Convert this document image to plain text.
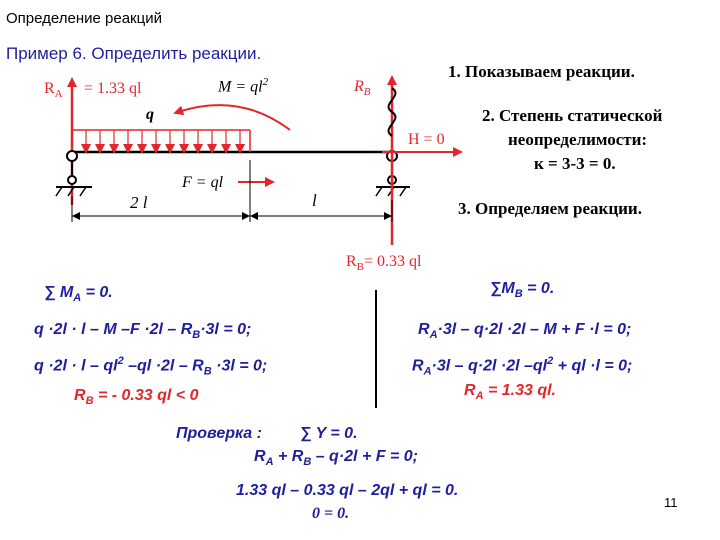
Определение реакций
Пример 6. Определить реакции.
$R_A = 1.33$ ql	$M = ql^2$	$R_B$
q
H = 0
F = ql
2 l	l
$R_B= 0.33$ ql
1. Показываем реакции.
2. Степень статической
неопределимости:
к = 3-3 = 0.
3. Определяем реакции.
∑ $M_A = 0$.
q ·2l · l – M $-F \cdot 2l - R_B\cdot 3l = 0$;
$q \cdot 2l \cdot l - ql^2$ $-ql \cdot 2l - R_B \cdot 3l = 0$;
$R_B$ = - 0.33 ql < 0
$\sum M_B = 0$.
$R_A\cdot 3l - q\cdot 2l \cdot 2l - M + F \cdot l = 0$;
$R_A\cdot 3l - q\cdot 2l \cdot 2l$ $-ql^2$ + ql ·l = 0;
$R_A = 1.33$ ql.
Проверка : ∑ Y = 0.
$R_A + R_B - q\cdot 2l + F = 0$;
1.33 ql – 0.33 ql – 2ql + ql = 0.
0 = 0.
11
